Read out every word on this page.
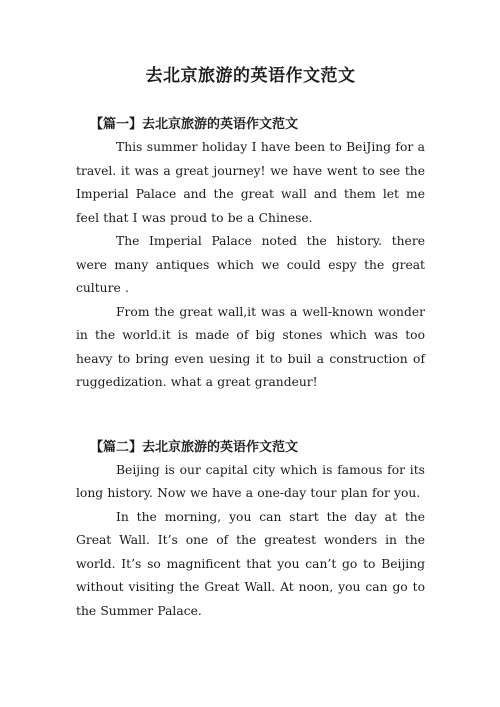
去北京旅游的英语作文范文
【篇一】去北京旅游的英语作文范文

This summer holiday I have been to BeiJing for a travel. it was a great journey! we have went to see the Imperial Palace and the great wall and them let me feel that I was proud to be a Chinese.

The Imperial Palace noted the history. there were many antiques which we could espy the great culture .

From the great wall,it was a well-known wonder in the world.it is made of big stones which was too heavy to bring even uesing it to buil a construction of ruggedization. what a great grandeur!

【篇二】去北京旅游的英语作文范文

Beijing is our capital city which is famous for its long history. Now we have a one-day tour plan for you.

In the morning, you can start the day at the Great Wall. It’s one of the greatest wonders in the world. It’s so magnificent that you can’t go to Beijing without visiting the Great Wall. At noon, you can go to the Summer Palace.
